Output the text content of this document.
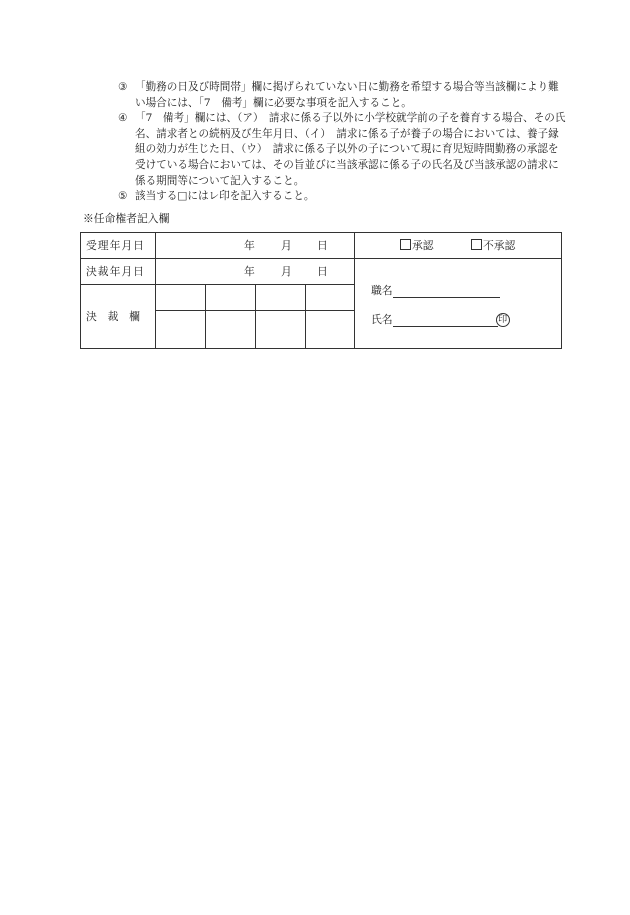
③ 「勤務の日及び時間帯」欄に掲げられていない日に勤務を希望する場合等当該欄により難い場合には、「7　備考」欄に必要な事項を記入すること。
④ 「7　備考」欄には、（ア）　請求に係る子以外に小学校就学前の子を養育する場合、その氏名、請求者との続柄及び生年月日、（イ）　請求に係る子が養子の場合においては、養子縁組の効力が生じた日、（ウ）　請求に係る子以外の子について現に育児短時間勤務の承認を受けている場合においては、その旨並びに当該承認に係る子の氏名及び当該承認の請求に係る期間等について記入すること。
⑤ 該当する□にはレ印を記入すること。
※任命権者記入欄
受理年月日	年 月 日	承認	不承認
決裁年月日	年 月 日
決　裁　欄
職名
氏名	印
